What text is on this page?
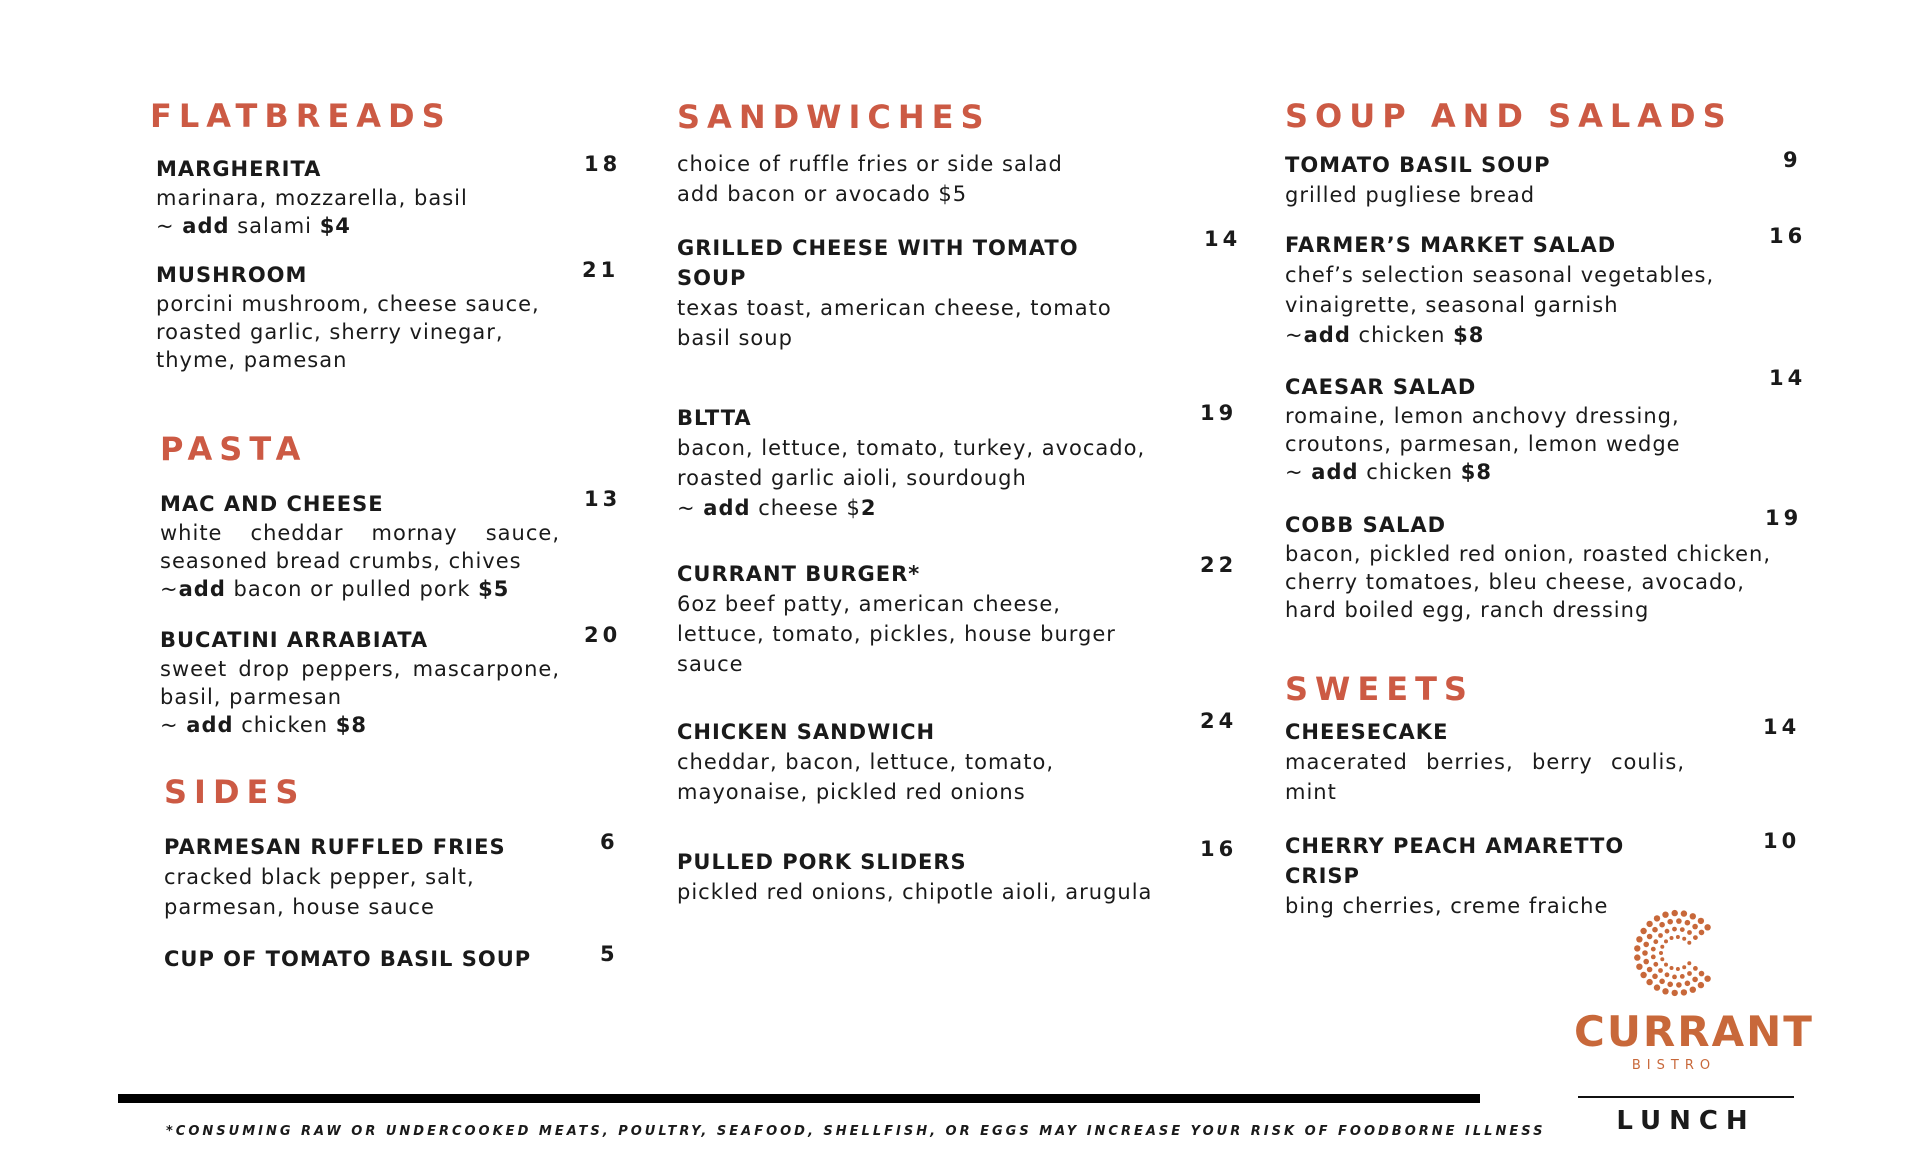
FLATBREADS
MARGHERITA	18
marinara, mozzarella, basil
~ add salami $4
MUSHROOM	21
porcini mushroom, cheese sauce, roasted garlic, sherry vinegar, thyme, pamesan
PASTA
MAC AND CHEESE	13
white cheddar mornay sauce, seasoned bread crumbs, chives
~add bacon or pulled pork $5
BUCATINI ARRABIATA	20
sweet drop peppers, mascarpone, basil, parmesan
~ add chicken $8
SIDES
PARMESAN RUFFLED FRIES	6
cracked black pepper, salt, parmesan, house sauce
CUP OF TOMATO BASIL SOUP	5
SANDWICHES
choice of ruffle fries or side salad
add bacon or avocado $5
GRILLED CHEESE WITH TOMATO SOUP
14
texas toast, american cheese, tomato basil soup
BLTTA	19
bacon, lettuce, tomato, turkey, avocado, roasted garlic aioli, sourdough
~ add cheese $2
CURRANT BURGER*	22
6oz beef patty, american cheese, lettuce, tomato, pickles, house burger sauce
CHICKEN SANDWICH	24
cheddar, bacon, lettuce, tomato, mayonaise, pickled red onions
PULLED PORK SLIDERS
16
pickled red onions, chipotle aioli, arugula
SOUP AND SALADS
TOMATO BASIL SOUP	9
grilled pugliese bread
FARMER’S MARKET SALAD	16
chef’s selection seasonal vegetables, vinaigrette, seasonal garnish
~add chicken $8
CAESAR SALAD	14
romaine, lemon anchovy dressing, croutons, parmesan, lemon wedge
~ add chicken $8
COBB SALAD	19
bacon, pickled red onion, roasted chicken, cherry tomatoes, bleu cheese, avocado, hard boiled egg, ranch dressing
SWEETS
CHEESECAKE	14
macerated berries, berry coulis, mint
CHERRY PEACH AMARETTO CRISP
10
bing cherries, creme fraiche
CURRANT
BISTRO
LUNCH
*CONSUMING RAW OR UNDERCOOKED MEATS, POULTRY, SEAFOOD, SHELLFISH, OR EGGS MAY INCREASE YOUR RISK OF FOODBORNE ILLNESS
